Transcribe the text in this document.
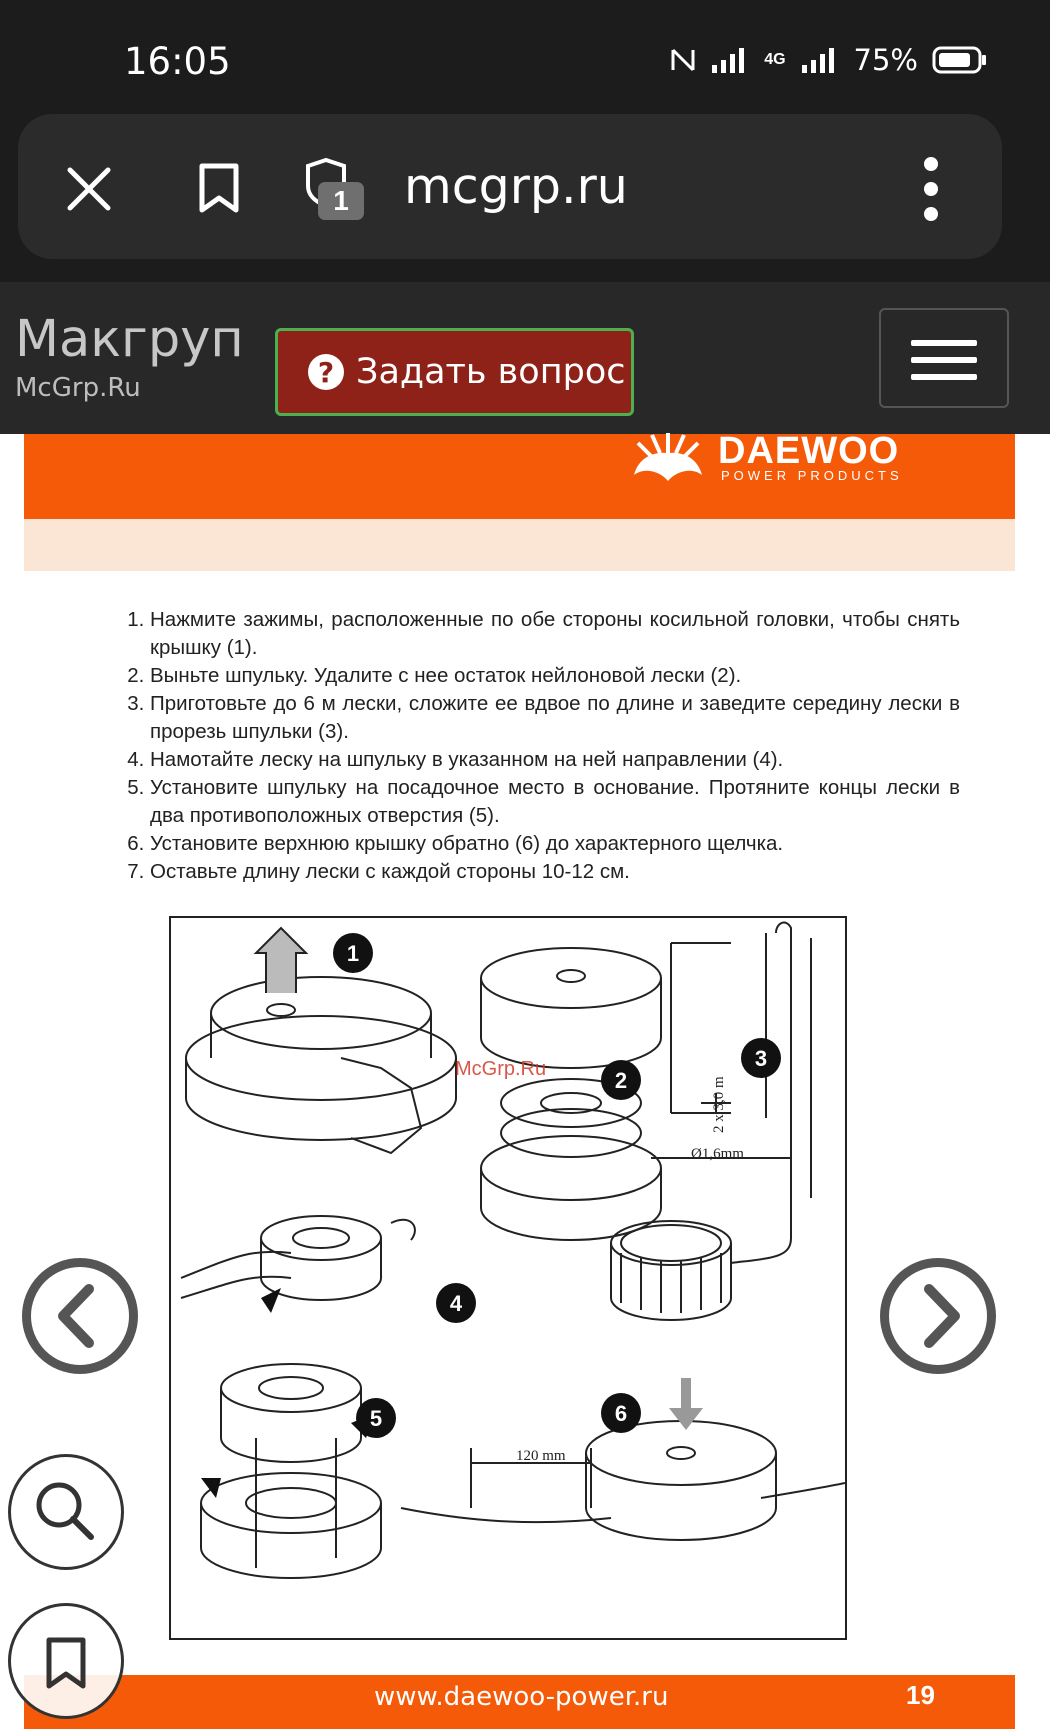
16:05	4G 75%
1	mcgrp.ru
Макгруп
McGrp.Ru	? Задать вопрос
DAEWOO
POWER PRODUCTS
1. Нажмите зажимы, расположенные по обе стороны косильной головки, чтобы снять крышку (1).
2. Выньте шпульку. Удалите с нее остаток нейлоновой лески (2).
3. Приготовьте до 6 м лески, сложите ее вдвое по длине и заведите середину лески в прорезь шпульки (3).
4. Намотайте леску на шпульку в указанном на ней направлении (4).
5. Установите шпульку на посадочное место в основание. Протяните концы лески в два противоположных отверстия (5).
6. Установите верхнюю крышку обратно (6) до характерного щелчка.
7. Оставьте длину лески с каждой стороны 10-12 см.
1
2
3
4
5	6
2 x 3,0 m
Ø1,6mm
120 mm
McGrp.Ru
www.daewoo-power.ru	19
